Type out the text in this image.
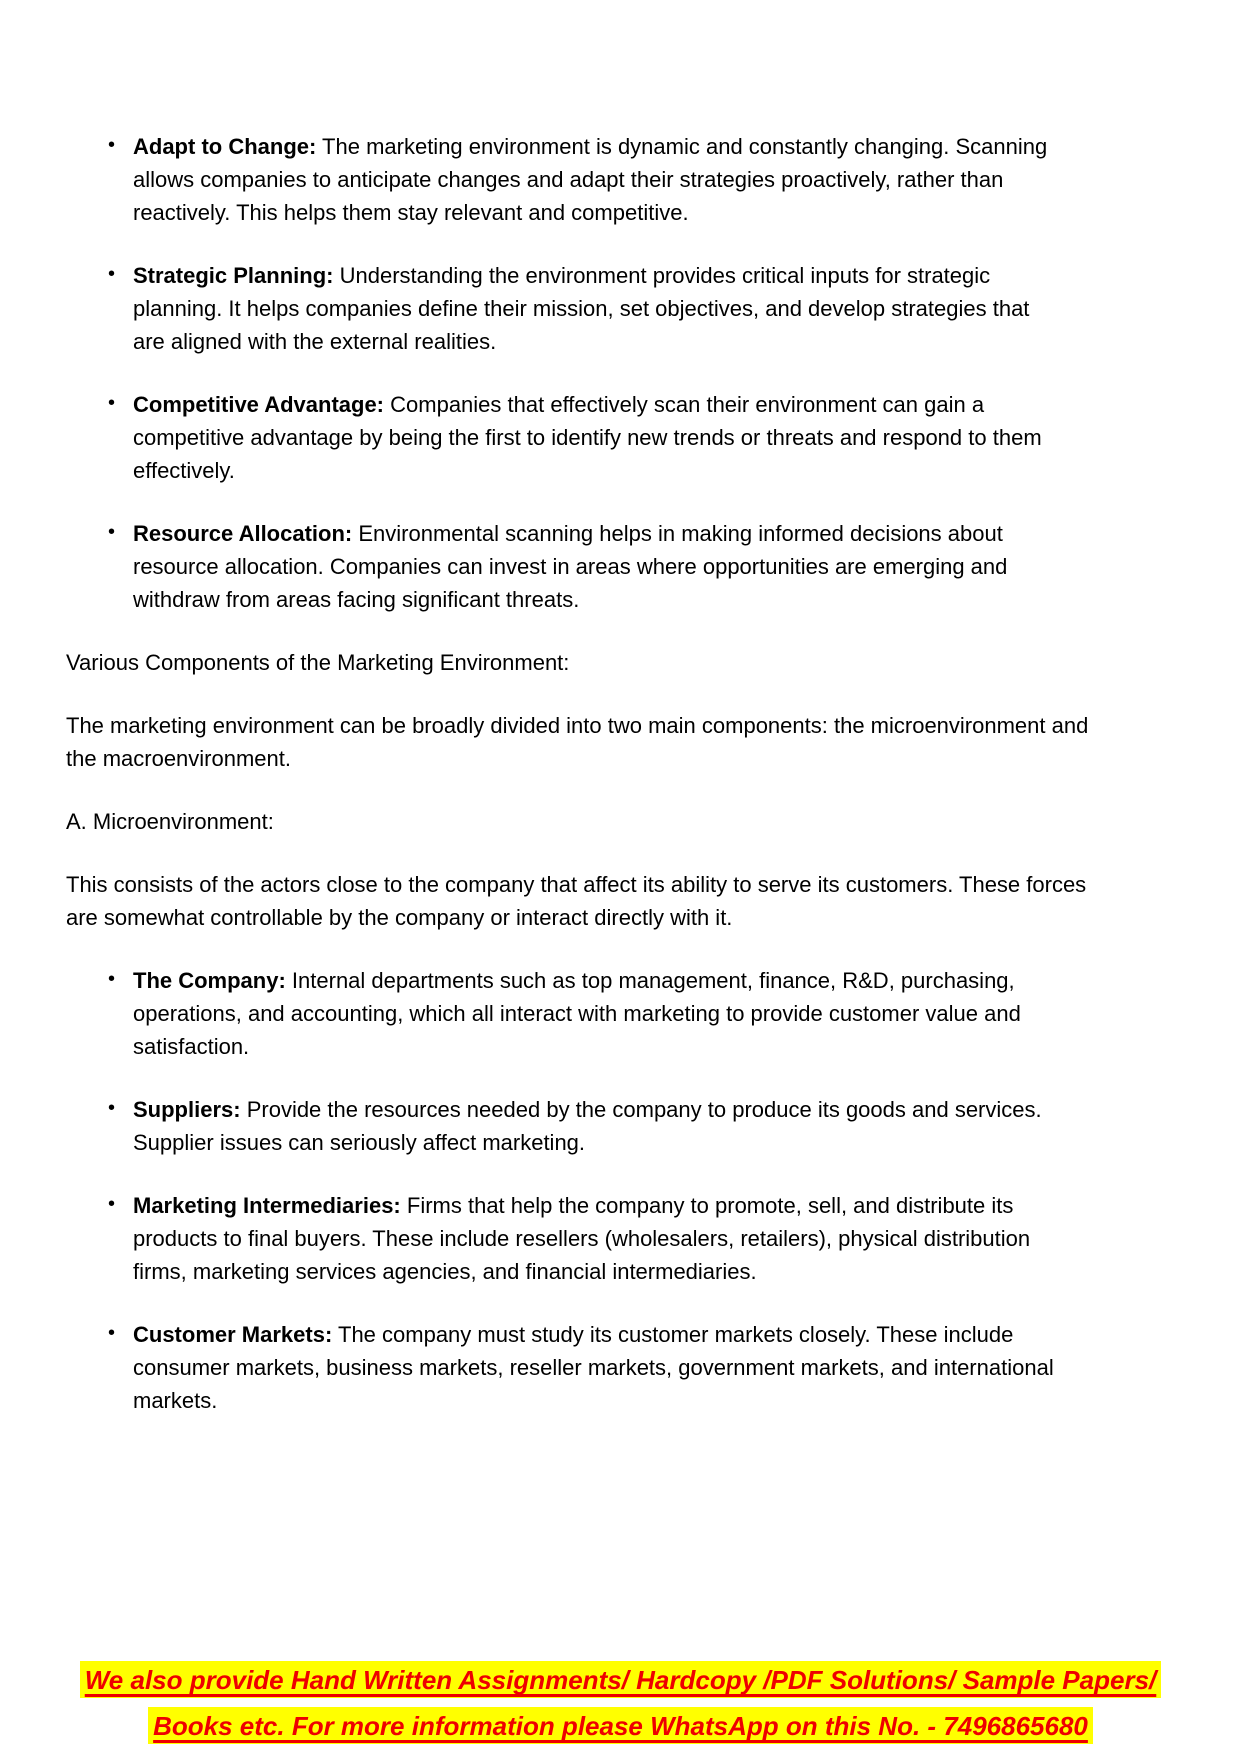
• Adapt to Change: The marketing environment is dynamic and constantly changing. Scanning allows companies to anticipate changes and adapt their strategies proactively, rather than reactively. This helps them stay relevant and competitive.
• Strategic Planning: Understanding the environment provides critical inputs for strategic planning. It helps companies define their mission, set objectives, and develop strategies that are aligned with the external realities.
• Competitive Advantage: Companies that effectively scan their environment can gain a competitive advantage by being the first to identify new trends or threats and respond to them effectively.
• Resource Allocation: Environmental scanning helps in making informed decisions about resource allocation. Companies can invest in areas where opportunities are emerging and withdraw from areas facing significant threats.

Various Components of the Marketing Environment:

The marketing environment can be broadly divided into two main components: the microenvironment and the macroenvironment.

A. Microenvironment:

This consists of the actors close to the company that affect its ability to serve its customers. These forces are somewhat controllable by the company or interact directly with it.

• The Company: Internal departments such as top management, finance, R&D, purchasing, operations, and accounting, which all interact with marketing to provide customer value and satisfaction.
• Suppliers: Provide the resources needed by the company to produce its goods and services. Supplier issues can seriously affect marketing.
• Marketing Intermediaries: Firms that help the company to promote, sell, and distribute its products to final buyers. These include resellers (wholesalers, retailers), physical distribution firms, marketing services agencies, and financial intermediaries.
• Customer Markets: The company must study its customer markets closely. These include consumer markets, business markets, reseller markets, government markets, and international markets.
We also provide Hand Written Assignments/ Hardcopy /PDF Solutions/ Sample Papers/
Books etc. For more information please WhatsApp on this No. - 7496865680
